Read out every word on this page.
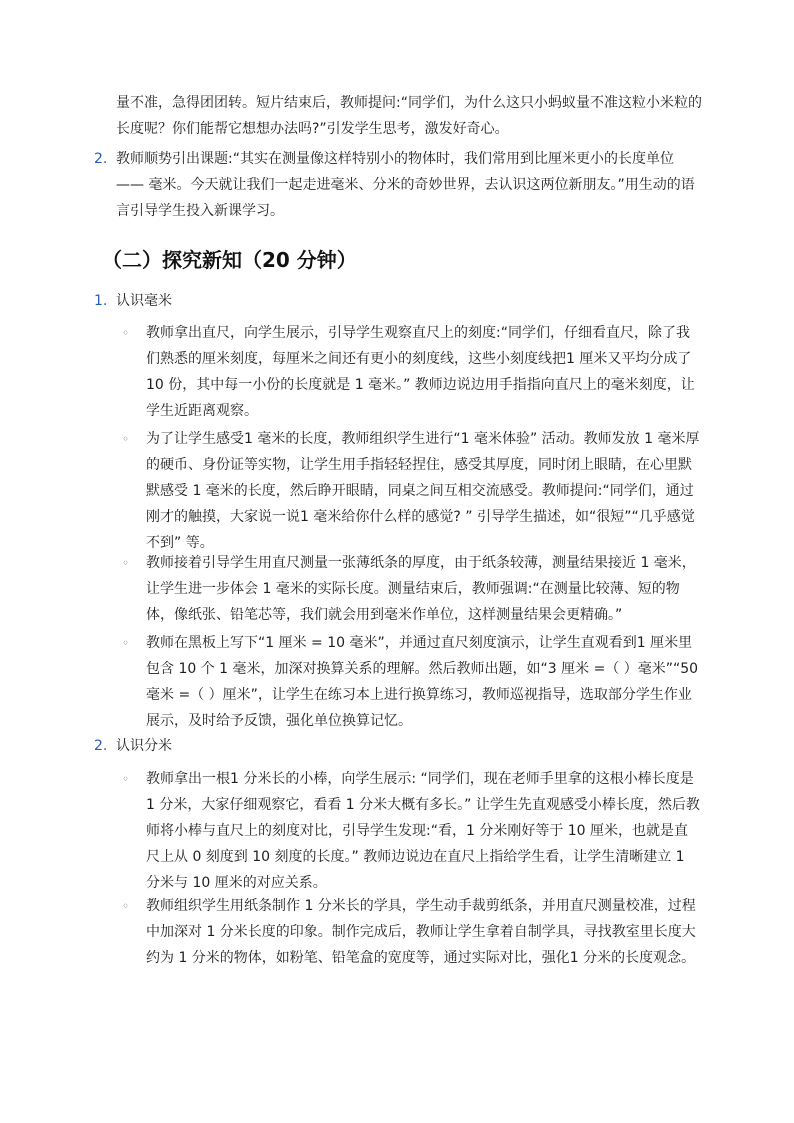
量不准，急得团团转。短片结束后，教师提问:“同学们，为什么这只小蚂蚁量不准这粒小米粒的长度呢？你们能帮它想想办法吗?”引发学生思考，激发好奇心。

2. 教师顺势引出课题:“其实在测量像这样特别小的物体时，我们常用到比厘米更小的长度单位 —— 毫米。今天就让我们一起走进毫米、分米的奇妙世界，去认识这两位新朋友。”用生动的语言引导学生投入新课学习。

（二）探究新知（20 分钟）
1. 认识毫米
◦ 教师拿出直尺，向学生展示，引导学生观察直尺上的刻度:“同学们，仔细看直尺，除了我们熟悉的厘米刻度，每厘米之间还有更小的刻度线，这些小刻度线把1 厘米又平均分成了 10 份，其中每一小份的长度就是 1 毫米。” 教师边说边用手指指向直尺上的毫米刻度，让学生近距离观察。

◦ 为了让学生感受1 毫米的长度，教师组织学生进行“1 毫米体验” 活动。教师发放 1 毫米厚的硬币、身份证等实物，让学生用手指轻轻捏住，感受其厚度，同时闭上眼睛，在心里默默感受 1 毫米的长度，然后睁开眼睛，同桌之间互相交流感受。教师提问:“同学们，通过刚才的触摸，大家说一说1 毫米给你什么样的感觉? ” 引导学生描述，如“很短”“几乎感觉不到” 等。

◦ 教师接着引导学生用直尺测量一张薄纸条的厚度，由于纸条较薄，测量结果接近 1 毫米，让学生进一步体会 1 毫米的实际长度。测量结束后，教师强调:“在测量比较薄、短的物体，像纸张、铅笔芯等，我们就会用到毫米作单位，这样测量结果会更精确。”

◦ 教师在黑板上写下“1 厘米 = 10 毫米”，并通过直尺刻度演示，让学生直观看到1 厘米里包含 10 个 1 毫米，加深对换算关系的理解。然后教师出题，如“3 厘米 =（ ）毫米”“50 毫米 =（ ）厘米”，让学生在练习本上进行换算练习，教师巡视指导，选取部分学生作业展示，及时给予反馈，强化单位换算记忆。

2. 认识分米
◦ 教师拿出一根1 分米长的小棒，向学生展示: “同学们，现在老师手里拿的这根小棒长度是 1 分米，大家仔细观察它，看看 1 分米大概有多长。” 让学生先直观感受小棒长度，然后教师将小棒与直尺上的刻度对比，引导学生发现:“看，1 分米刚好等于 10 厘米，也就是直尺上从 0 刻度到 10 刻度的长度。” 教师边说边在直尺上指给学生看，让学生清晰建立 1 分米与 10 厘米的对应关系。

◦ 教师组织学生用纸条制作 1 分米长的学具，学生动手裁剪纸条，并用直尺测量校准，过程中加深对 1 分米长度的印象。制作完成后，教师让学生拿着自制学具，寻找教室里长度大约为 1 分米的物体，如粉笔、铅笔盒的宽度等，通过实际对比，强化1 分米的长度观念。
